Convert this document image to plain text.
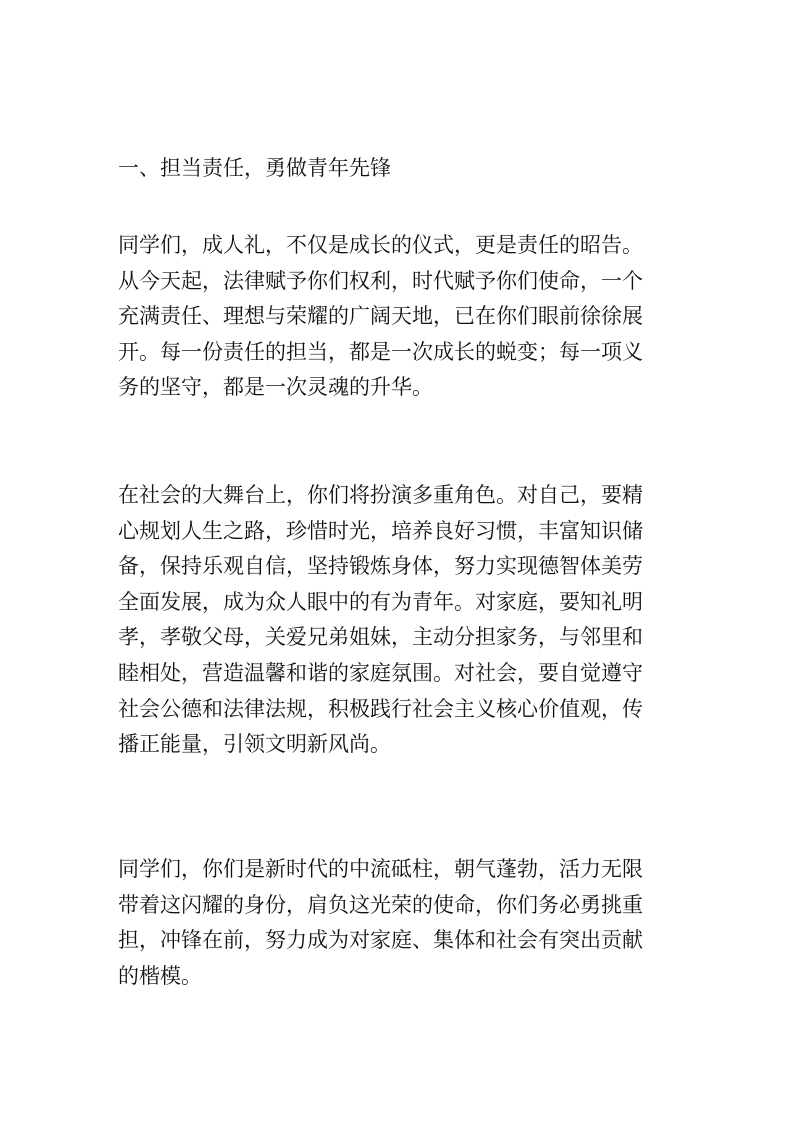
一、担当责任，勇做青年先锋
同学们，成人礼，不仅是成长的仪式，更是责任的昭告。
从今天起，法律赋予你们权利，时代赋予你们使命，一个
充满责任、理想与荣耀的广阔天地，已在你们眼前徐徐展
开。每一份责任的担当，都是一次成长的蜕变；每一项义
务的坚守，都是一次灵魂的升华。
在社会的大舞台上，你们将扮演多重角色。对自己，要精
心规划人生之路，珍惜时光，培养良好习惯，丰富知识储
备，保持乐观自信，坚持锻炼身体，努力实现德智体美劳
全面发展，成为众人眼中的有为青年。对家庭，要知礼明
孝，孝敬父母，关爱兄弟姐妹，主动分担家务，与邻里和
睦相处，营造温馨和谐的家庭氛围。对社会，要自觉遵守
社会公德和法律法规，积极践行社会主义核心价值观，传
播正能量，引领文明新风尚。
同学们，你们是新时代的中流砥柱，朝气蓬勃，活力无限
带着这闪耀的身份，肩负这光荣的使命，你们务必勇挑重
担，冲锋在前，努力成为对家庭、集体和社会有突出贡献
的楷模。
